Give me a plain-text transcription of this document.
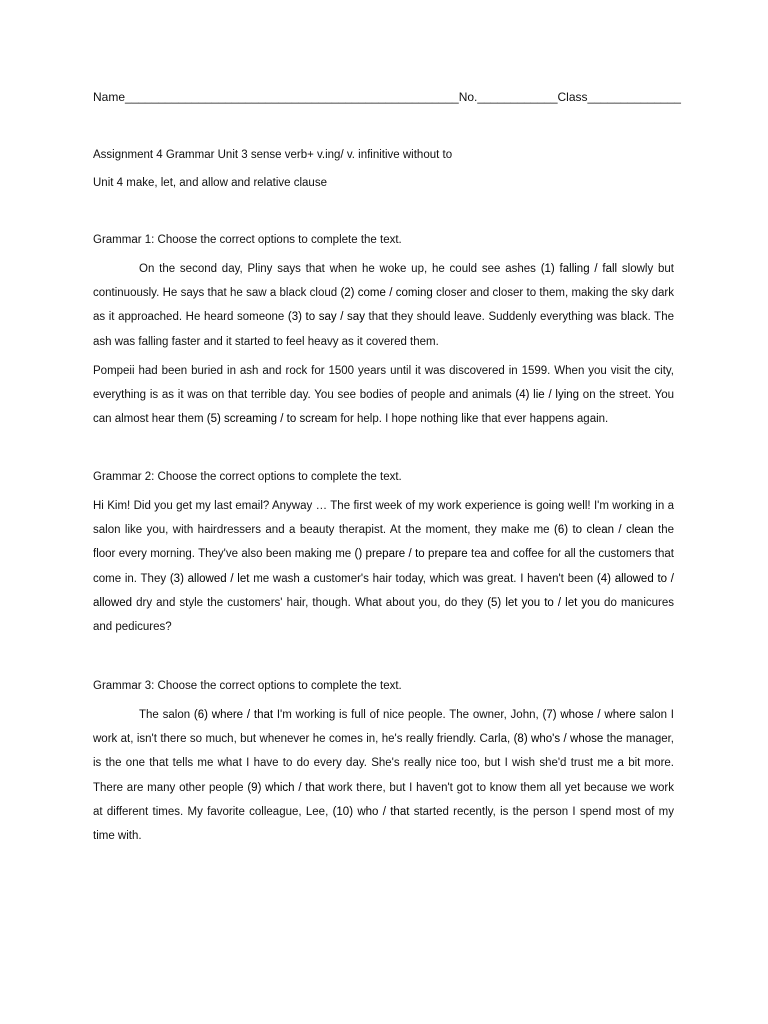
Name__________________________________________________No.____________Class______________
Assignment 4 Grammar Unit 3 sense verb+ v.ing/ v. infinitive without to
Unit 4 make, let, and allow and relative clause
Grammar 1: Choose the correct options to complete the text.

On the second day, Pliny says that when he woke up, he could see ashes (1) falling / fall slowly but continuously. He says that he saw a black cloud (2) come / coming closer and closer to them, making the sky dark as it approached. He heard someone (3) to say / say that they should leave. Suddenly everything was black. The ash was falling faster and it started to feel heavy as it covered them.

Pompeii had been buried in ash and rock for 1500 years until it was discovered in 1599. When you visit the city, everything is as it was on that terrible day. You see bodies of people and animals (4) lie / lying on the street. You can almost hear them (5) screaming / to scream for help. I hope nothing like that ever happens again.

Grammar 2: Choose the correct options to complete the text.

Hi Kim! Did you get my last email? Anyway … The first week of my work experience is going well! I'm working in a salon like you, with hairdressers and a beauty therapist. At the moment, they make me (6) to clean / clean the floor every morning. They've also been making me () prepare / to prepare tea and coffee for all the customers that come in. They (3) allowed / let me wash a customer's hair today, which was great. I haven't been (4) allowed to / allowed dry and style the customers' hair, though. What about you, do they (5) let you to / let you do manicures and pedicures?

Grammar 3: Choose the correct options to complete the text.

The salon (6) where / that I'm working is full of nice people. The owner, John, (7) whose / where salon I work at, isn't there so much, but whenever he comes in, he's really friendly. Carla, (8) who's / whose the manager, is the one that tells me what I have to do every day. She's really nice too, but I wish she'd trust me a bit more. There are many other people (9) which / that work there, but I haven't got to know them all yet because we work at different times. My favorite colleague, Lee, (10) who / that started recently, is the person I spend most of my time with.
